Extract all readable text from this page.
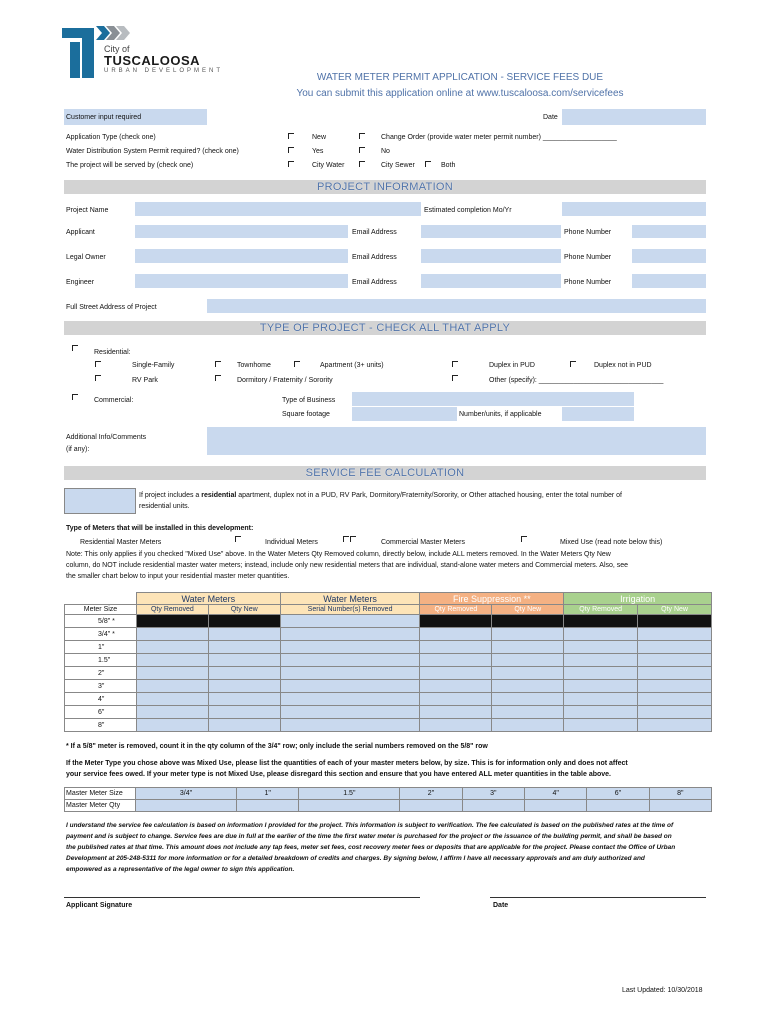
City of
TUSCALOOSA
URBAN DEVELOPMENT
WATER METER PERMIT APPLICATION - SERVICE FEES DUE
You can submit this application online at www.tuscaloosa.com/servicefees
Customer input required	Date
Application Type (check one)	New	Change Order (provide water meter permit number) ___________________
Water Distribution System Permit required? (check one)	Yes	No
The project will be served by (check one)	City Water	City Sewer	Both
PROJECT INFORMATION
Project Name	Estimated completion Mo/Yr
Applicant	Email Address	Phone Number
Legal Owner	Email Address	Phone Number
Engineer	Email Address	Phone Number
Full Street Address of Project
TYPE OF PROJECT - CHECK ALL THAT APPLY
Residential:
Single-Family	Townhome	Apartment (3+ units)	Duplex in PUD	Duplex not in PUD
RV Park	Dormitory / Fraternity / Sorority	Other (specify): ________________________________
Commercial:	Type of Business
Square footage	Number/units, if applicable
Additional Info/Comments
(if any):
SERVICE FEE CALCULATION
If project includes a residential apartment, duplex not in a PUD, RV Park, Dormitory/Fraternity/Sorority, or Other attached housing, enter the total number of
residential units.
Type of Meters that will be installed in this development:
Residential Master Meters	Individual Meters	Commercial Master Meters	Mixed Use (read note below this)
Note: This only applies if you checked "Mixed Use" above. In the Water Meters Qty Removed column, directly below, include ALL meters removed. In the Water Meters Qty New
column, do NOT include residential master water meters; instead, include only new residential meters that are individual, stand-alone water meters and Commercial meters. Also, see
the smaller chart below to input your residential master meter quantities.
	Water Meters		Water Meters	Fire Suppression **		Irrigation	
Meter Size	Qty Removed	Qty New	Serial Number(s) Removed	Qty Removed	Qty New	Qty Removed	Qty New
5/8" *							
3/4" *							
1"							
1.5"							
2"							
3"							
4"							
6"							
8"							
* If a 5/8" meter is removed, count it in the qty column of the 3/4" row; only include the serial numbers removed on the 5/8" row
If the Meter Type you chose above was Mixed Use, please list the quantities of each of your master meters below, by size. This is for information only and does not affect
your service fees owed. If your meter type is not Mixed Use, please disregard this section and ensure that you have entered ALL meter quantities in the table above.
Master Meter Size	3/4"	1"	1.5"	2"	3"	4"	6"	8"
Master Meter Qty								
I understand the service fee calculation is based on information I provided for the project. This information is subject to verification. The fee calculated is based on the published rates at the time of
payment and is subject to change. Service fees are due in full at the earlier of the time the first water meter is purchased for the project or the issuance of the building permit, and shall be based on
the published rates at that time. This amount does not include any tap fees, meter set fees, cost recovery meter fees or deposits that are applicable for the project. Please contact the Office of Urban
Development at 205-248-5311 for more information or for a detailed breakdown of credits and charges. By signing below, I affirm I have all necessary approvals and am duly authorized and
empowered as a representative of the legal owner to sign this application.
Applicant Signature	Date
Last Updated: 10/30/2018
